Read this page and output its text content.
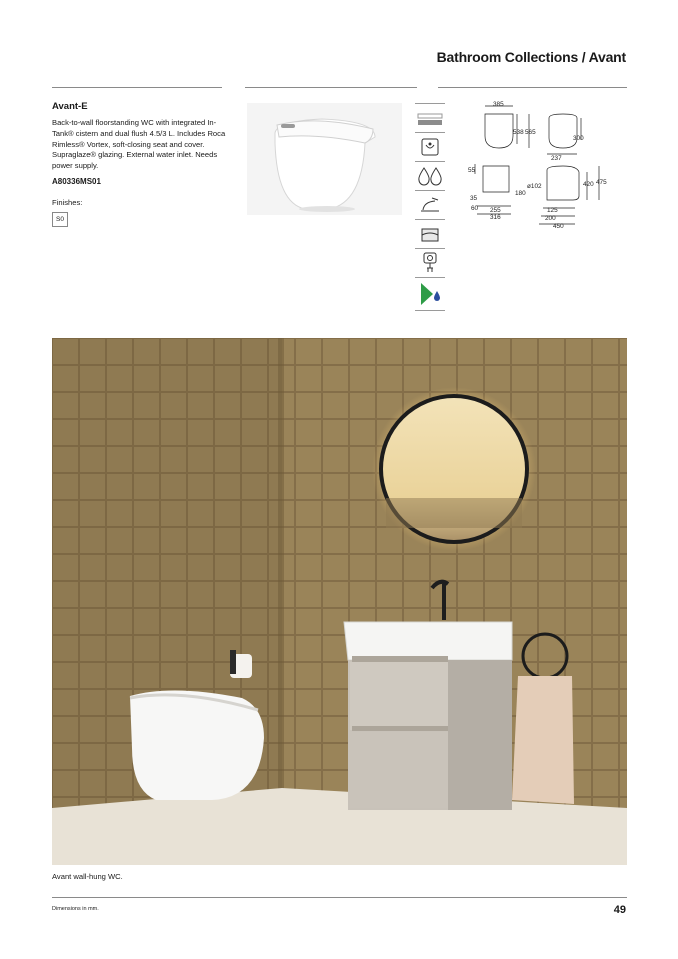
Bathroom Collections / Avant
Avant-E
Back-to-wall floorstanding WC with integrated In-Tank® cistern and dual flush 4.5/3 L. Includes Roca Rimless® Vortex, soft-closing seat and cover. Supraglaze® glazing. External water inlet. Needs power supply.
A80336MS01
Finishes:
S0
385
538 565
300
237
55
35
60 255
316
180
ø102	420 475
125
200
450
Avant wall-hung WC.
Dimensions in mm.	49
